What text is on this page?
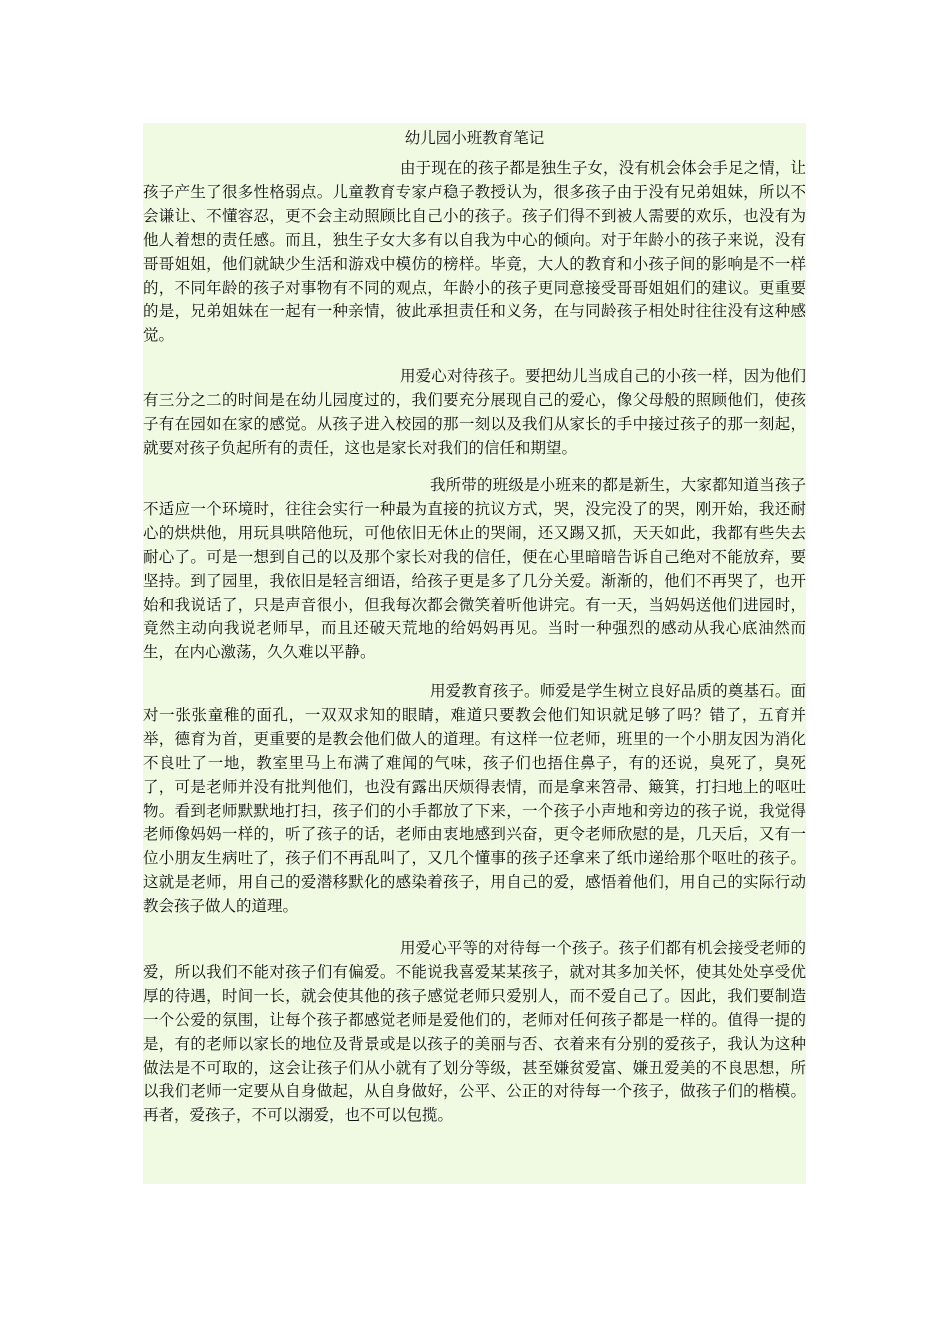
幼儿园小班教育笔记

由于现在的孩子都是独生子女，没有机会体会手足之情，让孩子产生了很多性格弱点。儿童教育专家卢稳子教授认为，很多孩子由于没有兄弟姐妹，所以不会谦让、不懂容忍，更不会主动照顾比自己小的孩子。孩子们得不到被人需要的欢乐，也没有为他人着想的责任感。而且，独生子女大多有以自我为中心的倾向。对于年龄小的孩子来说，没有哥哥姐姐，他们就缺少生活和游戏中模仿的榜样。毕竟，大人的教育和小孩子间的影响是不一样的，不同年龄的孩子对事物有不同的观点，年龄小的孩子更同意接受哥哥姐姐们的建议。更重要的是，兄弟姐妹在一起有一种亲情，彼此承担责任和义务，在与同龄孩子相处时往往没有这种感觉。

用爱心对待孩子。要把幼儿当成自己的小孩一样，因为他们有三分之二的时间是在幼儿园度过的，我们要充分展现自己的爱心，像父母般的照顾他们，使孩子有在园如在家的感觉。从孩子进入校园的那一刻以及我们从家长的手中接过孩子的那一刻起，就要对孩子负起所有的责任，这也是家长对我们的信任和期望。

我所带的班级是小班来的都是新生，大家都知道当孩子不适应一个环境时，往往会实行一种最为直接的抗议方式，哭，没完没了的哭，刚开始，我还耐心的烘烘他，用玩具哄陪他玩，可他依旧无休止的哭闹，还又踢又抓，天天如此，我都有些失去耐心了。可是一想到自己的以及那个家长对我的信任，便在心里暗暗告诉自己绝对不能放弃，要坚持。到了园里，我依旧是轻言细语，给孩子更是多了几分关爱。渐渐的，他们不再哭了，也开始和我说话了，只是声音很小，但我每次都会微笑着听他讲完。有一天，当妈妈送他们进园时，竟然主动向我说老师早，而且还破天荒地的给妈妈再见。当时一种强烈的感动从我心底油然而生，在内心激荡，久久难以平静。

用爱教育孩子。师爱是学生树立良好品质的奠基石。面对一张张童稚的面孔，一双双求知的眼睛，难道只要教会他们知识就足够了吗？错了，五育并举，德育为首，更重要的是教会他们做人的道理。有这样一位老师，班里的一个小朋友因为消化不良吐了一地，教室里马上布满了难闻的气味，孩子们也捂住鼻子，有的还说，臭死了，臭死了，可是老师并没有批判他们，也没有露出厌烦得表情，而是拿来笤帚、簸箕，打扫地上的呕吐物。看到老师默默地打扫，孩子们的小手都放了下来，一个孩子小声地和旁边的孩子说，我觉得老师像妈妈一样的，听了孩子的话，老师由衷地感到兴奋，更令老师欣慰的是，几天后，又有一位小朋友生病吐了，孩子们不再乱叫了，又几个懂事的孩子还拿来了纸巾递给那个呕吐的孩子。这就是老师，用自己的爱潜移默化的感染着孩子，用自己的爱，感悟着他们，用自己的实际行动教会孩子做人的道理。

用爱心平等的对待每一个孩子。孩子们都有机会接受老师的爱，所以我们不能对孩子们有偏爱。不能说我喜爱某某孩子，就对其多加关怀，使其处处享受优厚的待遇，时间一长，就会使其他的孩子感觉老师只爱别人，而不爱自己了。因此，我们要制造一个公爱的氛围，让每个孩子都感觉老师是爱他们的，老师对任何孩子都是一样的。值得一提的是，有的老师以家长的地位及背景或是以孩子的美丽与否、衣着来有分别的爱孩子，我认为这种做法是不可取的，这会让孩子们从小就有了划分等级，甚至嫌贫爱富、嫌丑爱美的不良思想，所以我们老师一定要从自身做起，从自身做好，公平、公正的对待每一个孩子，做孩子们的楷模。再者，爱孩子，不可以溺爱，也不可以包揽。
